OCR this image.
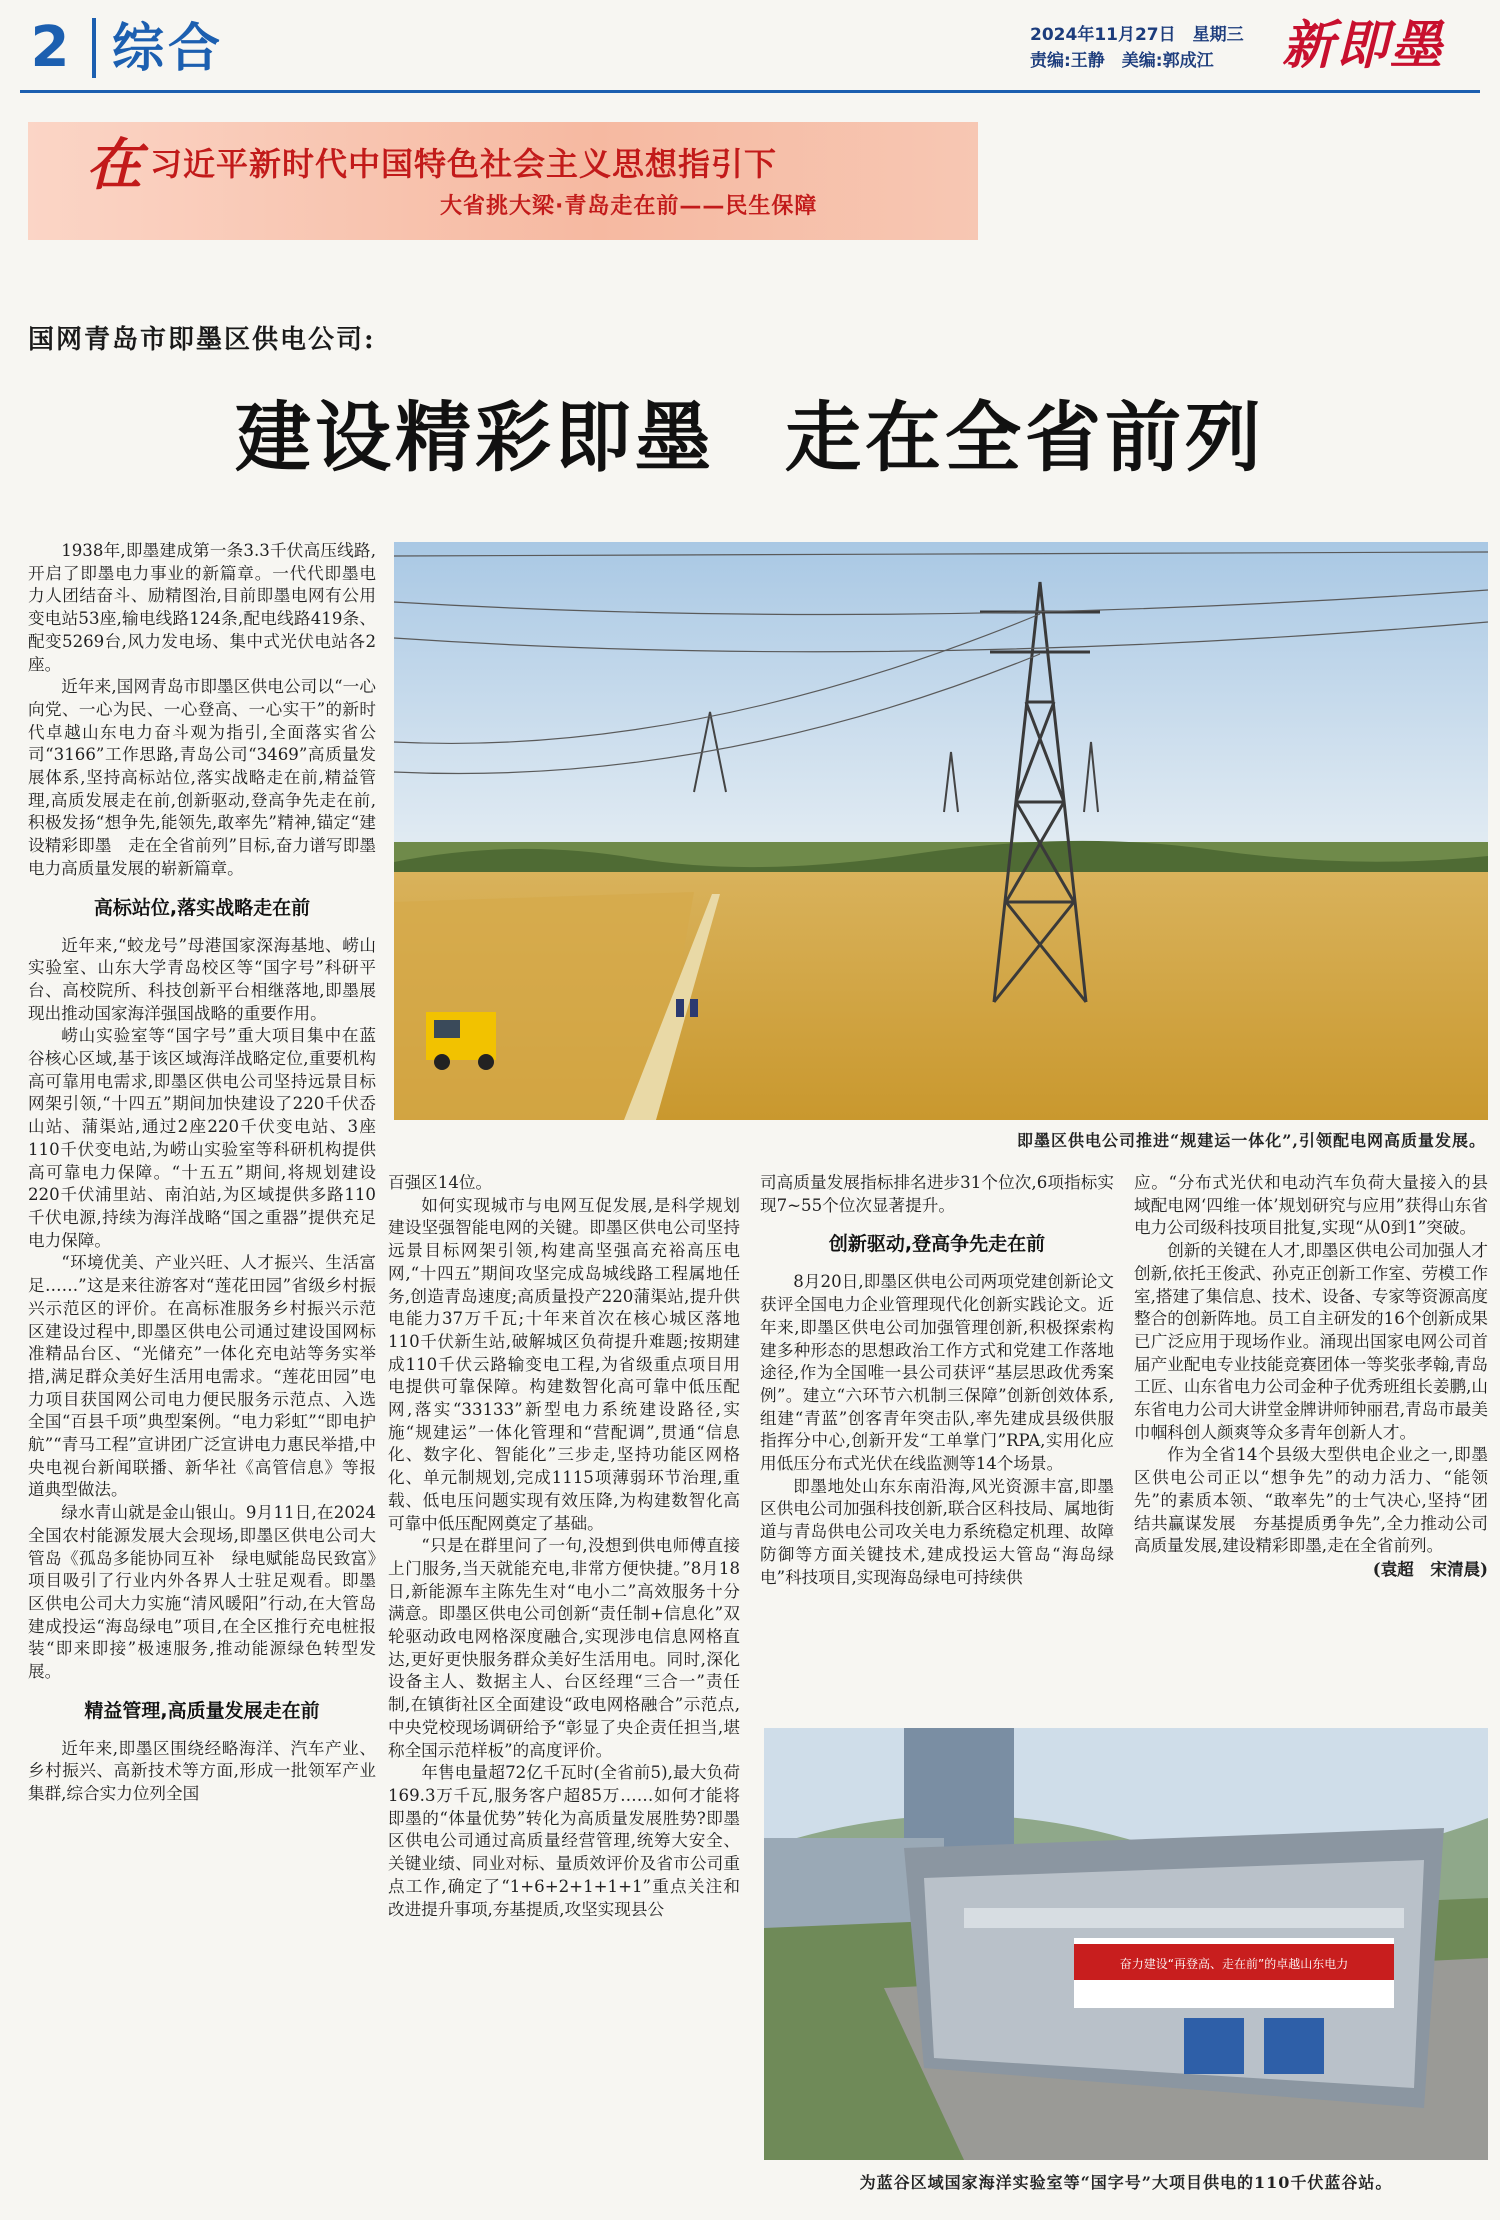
2 综合	2024年11月27日　星期三
责编:王静　美编:郭成江	新即墨
在 习近平新时代中国特色社会主义思想指引下
大省挑大梁·青岛走在前——民生保障
国网青岛市即墨区供电公司:
建设精彩即墨 走在全省前列

1938年,即墨建成第一条3.3千伏高压线路,开启了即墨电力事业的新篇章。一代代即墨电力人团结奋斗、励精图治,目前即墨电网有公用变电站53座,输电线路124条,配电线路419条、配变5269台,风力发电场、集中式光伏电站各2座。

近年来,国网青岛市即墨区供电公司以“一心向党、一心为民、一心登高、一心实干”的新时代卓越山东电力奋斗观为指引,全面落实省公司“3166”工作思路,青岛公司“3469”高质量发展体系,坚持高标站位,落实战略走在前,精益管理,高质发展走在前,创新驱动,登高争先走在前,积极发扬“想争先,能领先,敢率先”精神,锚定“建设精彩即墨　走在全省前列”目标,奋力谱写即墨电力高质量发展的崭新篇章。

高标站位,落实战略走在前

近年来,“蛟龙号”母港国家深海基地、崂山实验室、山东大学青岛校区等“国字号”科研平台、高校院所、科技创新平台相继落地,即墨展现出推动国家海洋强国战略的重要作用。

崂山实验室等“国字号”重大项目集中在蓝谷核心区域,基于该区域海洋战略定位,重要机构高可靠用电需求,即墨区供电公司坚持远景目标网架引领,“十四五”期间加快建设了220千伏岙山站、蒲渠站,通过2座220千伏变电站、3座110千伏变电站,为崂山实验室等科研机构提供高可靠电力保障。“十五五”期间,将规划建设220千伏浦里站、南泊站,为区域提供多路110千伏电源,持续为海洋战略“国之重器”提供充足电力保障。

“环境优美、产业兴旺、人才振兴、生活富足……”这是来往游客对“莲花田园”省级乡村振兴示范区的评价。在高标准服务乡村振兴示范区建设过程中,即墨区供电公司通过建设国网标准精品台区、“光储充”一体化充电站等务实举措,满足群众美好生活用电需求。“莲花田园”电力项目获国网公司电力便民服务示范点、入选全国“百县千项”典型案例。“电力彩虹”“即电护航”“青马工程”宣讲团广泛宣讲电力惠民举措,中央电视台新闻联播、新华社《高管信息》等报道典型做法。

绿水青山就是金山银山。9月11日,在2024全国农村能源发展大会现场,即墨区供电公司大管岛《孤岛多能协同互补　绿电赋能岛民致富》项目吸引了行业内外各界人士驻足观看。即墨区供电公司大力实施“清风暖阳”行动,在大管岛建成投运“海岛绿电”项目,在全区推行充电桩报装“即来即接”极速服务,推动能源绿色转型发展。

精益管理,高质量发展走在前

近年来,即墨区围绕经略海洋、汽车产业、乡村振兴、高新技术等方面,形成一批领军产业集群,综合实力位列全国

即墨区供电公司推进“规建运一体化”,引领配电网高质量发展。

百强区14位。

如何实现城市与电网互促发展,是科学规划建设坚强智能电网的关键。即墨区供电公司坚持远景目标网架引领,构建高坚强高充裕高压电网,“十四五”期间攻坚完成岛城线路工程属地任务,创造青岛速度;高质量投产220蒲渠站,提升供电能力37万千瓦;十年来首次在核心城区落地110千伏新生站,破解城区负荷提升难题;按期建成110千伏云路输变电工程,为省级重点项目用电提供可靠保障。构建数智化高可靠中低压配网,落实“33133”新型电力系统建设路径,实施“规建运”一体化管理和“营配调”,贯通“信息化、数字化、智能化”三步走,坚持功能区网格化、单元制规划,完成1115项薄弱环节治理,重载、低电压问题实现有效压降,为构建数智化高可靠中低压配网奠定了基础。

“只是在群里问了一句,没想到供电师傅直接上门服务,当天就能充电,非常方便快捷。”8月18日,新能源车主陈先生对“电小二”高效服务十分满意。即墨区供电公司创新“责任制+信息化”双轮驱动政电网格深度融合,实现涉电信息网格直达,更好更快服务群众美好生活用电。同时,深化设备主人、数据主人、台区经理“三合一”责任制,在镇街社区全面建设“政电网格融合”示范点,中央党校现场调研给予“彰显了央企责任担当,堪称全国示范样板”的高度评价。

年售电量超72亿千瓦时(全省前5),最大负荷169.3万千瓦,服务客户超85万……如何才能将即墨的“体量优势”转化为高质量发展胜势?即墨区供电公司通过高质量经营管理,统筹大安全、关键业绩、同业对标、量质效评价及省市公司重点工作,确定了“1+6+2+1+1+1”重点关注和改进提升事项,夯基提质,攻坚实现县公

司高质量发展指标排名进步31个位次,6项指标实现7~55个位次显著提升。

创新驱动,登高争先走在前

8月20日,即墨区供电公司两项党建创新论文获评全国电力企业管理现代化创新实践论文。近年来,即墨区供电公司加强管理创新,积极探索构建多种形态的思想政治工作方式和党建工作落地途径,作为全国唯一县公司获评“基层思政优秀案例”。建立“六环节六机制三保障”创新创效体系,组建“青蓝”创客青年突击队,率先建成县级供服指挥分中心,创新开发“工单掌门”RPA,实用化应用低压分布式光伏在线监测等14个场景。

即墨地处山东东南沿海,风光资源丰富,即墨区供电公司加强科技创新,联合区科技局、属地街道与青岛供电公司攻关电力系统稳定机理、故障防御等方面关键技术,建成投运大管岛“海岛绿电”科技项目,实现海岛绿电可持续供

应。“分布式光伏和电动汽车负荷大量接入的县域配电网‘四维一体’规划研究与应用”获得山东省电力公司级科技项目批复,实现“从0到1”突破。

创新的关键在人才,即墨区供电公司加强人才创新,依托王俊武、孙克正创新工作室、劳模工作室,搭建了集信息、技术、设备、专家等资源高度整合的创新阵地。员工自主研发的16个创新成果已广泛应用于现场作业。涌现出国家电网公司首届产业配电专业技能竞赛团体一等奖张孝翰,青岛工匠、山东省电力公司金种子优秀班组长姜鹏,山东省电力公司大讲堂金牌讲师钟丽君,青岛市最美巾帼科创人颜爽等众多青年创新人才。

作为全省14个县级大型供电企业之一,即墨区供电公司正以“想争先”的动力活力、“能领先”的素质本领、“敢率先”的士气决心,坚持“团结共赢谋发展　夯基提质勇争先”,全力推动公司高质量发展,建设精彩即墨,走在全省前列。

(袁超　宋清晨)

奋力建设“再登高、走在前”的卓越山东电力
为蓝谷区域国家海洋实验室等“国字号”大项目供电的110千伏蓝谷站。
